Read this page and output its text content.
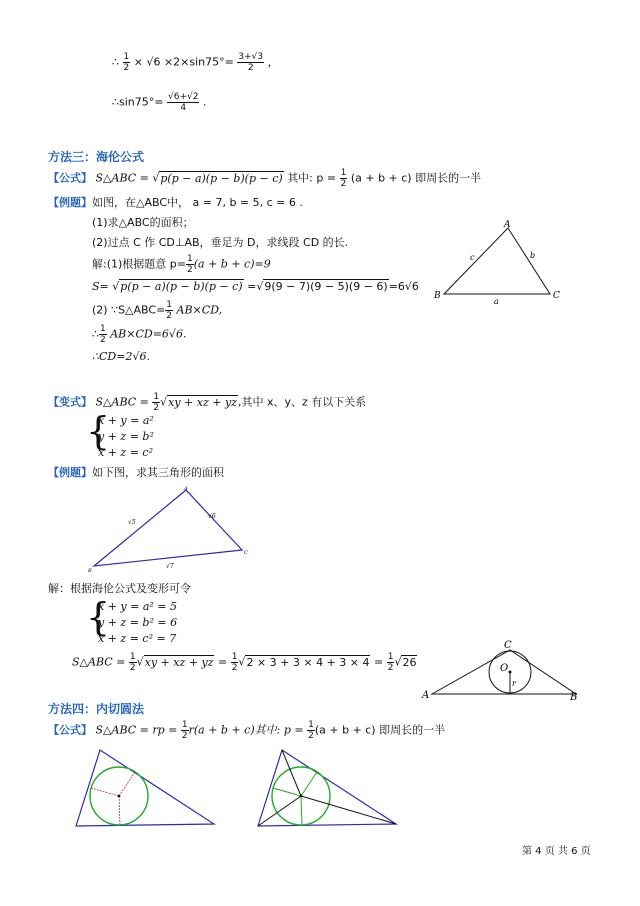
∴ $\frac{1}{2} \times √6 \times 2\times\sin 75^\circ= \frac{3+√3}{2}$ ，
∴sin75°= $\frac{√6+√2}{4}$ .
方法三：海伦公式
【公式】 S△ABC = √p(p − a)(p − b)(p − c) 其中: $p = \frac{1}{2} (a + b + c)$ 即周长的一半
【例题】如图，在△ABC中， a = 7, b = 5, c = 6 .
(1)求△ABC的面积；
(2)过点 C 作 CD⊥AB，垂足为 D，求线段 CD 的长.
解:(1)根据题意 $p= \frac{1}{2} (a + b + c)=9$
S= √p(p − a)(p − b)(p − c) =√9(9 − 7)(9 − 5)(9 − 6)=6√6
(2) ∵S△ABC= $\frac{1}{2} AB\times CD$,
∴ $\frac{1}{2} AB\times CD=6√6$.
∴CD=2√6.
A
B	C
c	b
a
【变式】 S△ABC = $\frac{1}{2} √xy$ + xz + yz,其中 x、y、z 有以下关系
{
x + y = a²
y + z = b²
x + z = c²
【例题】如下图，求其三角形的面积
A
B
C
√5
√6
√7
解：根据海伦公式及变形可令
{
x + y = a² = 5
y + z = b² = 6
x + z = c² = 7
S△ABC = $\frac{1}{2} √xy$ + xz + yz = $\frac{1}{2} √2 \times 3 + 3 \times 4 + 3 \times 4 = \frac{1}{2} √26$
C
A	B
O
r
方法四：内切圆法
【公式】 S△ABC = rp = $\frac{1}{2} r(a + b + c)$其中: $p = \frac{1}{2} (a + b + c)$ 即周长的一半
第 4 页 共 6 页
